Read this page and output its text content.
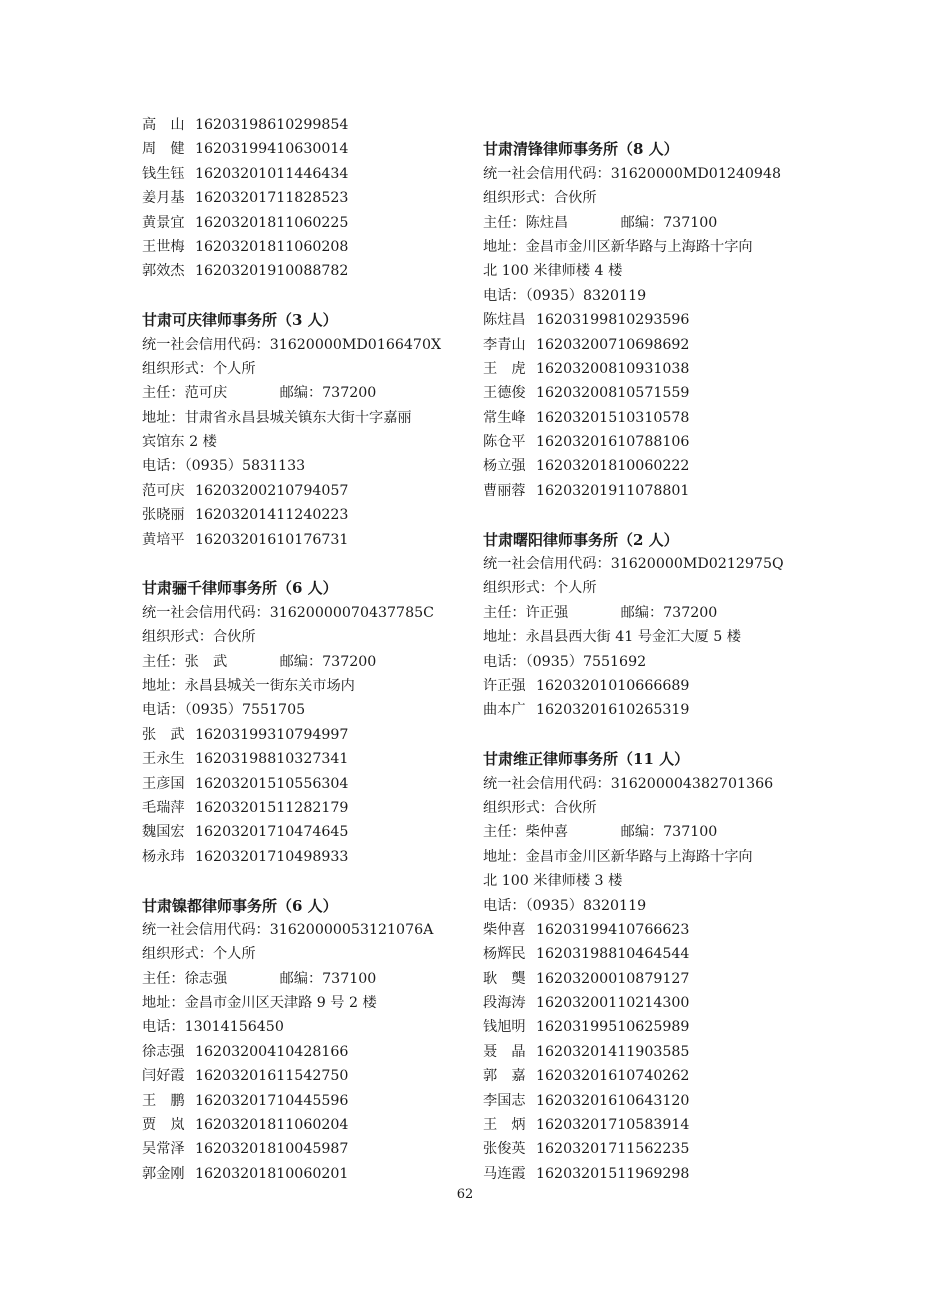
高　山 16203198610299854
周　健 16203199410630014
钱生钰 16203201011446434
姜月基 16203201711828523
黄景宜 16203201811060225
王世梅 16203201811060208
郭效杰 16203201910088782
甘肃可庆律师事务所（3 人）
统一社会信用代码：31620000MD0166470X
组织形式：个人所
主任：范可庆	邮编：737200
地址：甘肃省永昌县城关镇东大街十字嘉丽
宾馆东 2 楼
电话：（0935）5831133
范可庆 16203200210794057
张晓丽 16203201411240223
黄培平 16203201610176731
甘肃骊千律师事务所（6 人）
统一社会信用代码：31620000070437785C
组织形式：合伙所
主任：张　武	邮编：737200
地址：永昌县城关一街东关市场内
电话：（0935）7551705
张　武 16203199310794997
王永生 16203198810327341
王彦国 16203201510556304
毛瑞萍 16203201511282179
魏国宏 16203201710474645
杨永玮 16203201710498933
甘肃镍都律师事务所（6 人）
统一社会信用代码：31620000053121076A
组织形式：个人所
主任：徐志强	邮编：737100
地址：金昌市金川区天津路 9 号 2 楼
电话：13014156450
徐志强 16203200410428166
闫好霞 16203201611542750
王　鹏 16203201710445596
贾　岚 16203201811060204
吴常泽 16203201810045987
郭金刚 16203201810060201
甘肃清锋律师事务所（8 人）
统一社会信用代码：31620000MD01240948
组织形式：合伙所
主任：陈炷昌	邮编：737100
地址：金昌市金川区新华路与上海路十字向
北 100 米律师楼 4 楼
电话：（0935）8320119
陈炷昌 16203199810293596
李青山 16203200710698692
王　虎 16203200810931038
王德俊 16203200810571559
常生峰 16203201510310578
陈仓平 16203201610788106
杨立强 16203201810060222
曹丽蓉 16203201911078801
甘肃曙阳律师事务所（2 人）
统一社会信用代码：31620000MD0212975Q
组织形式：个人所
主任：许正强	邮编：737200
地址：永昌县西大街 41 号金汇大厦 5 楼
电话：（0935）7551692
许正强 16203201010666689
曲本广 16203201610265319
甘肃维正律师事务所（11 人）
统一社会信用代码：316200004382701366
组织形式：合伙所
主任：柴仲喜	邮编：737100
地址：金昌市金川区新华路与上海路十字向
北 100 米律师楼 3 楼
电话：（0935）8320119
柴仲喜 16203199410766623
杨辉民 16203198810464544
耿　龑 16203200010879127
段海涛 16203200110214300
钱旭明 16203199510625989
聂　晶 16203201411903585
郭　嘉 16203201610740262
李国志 16203201610643120
王　炳 16203201710583914
张俊英 16203201711562235
马连霞 16203201511969298
62
